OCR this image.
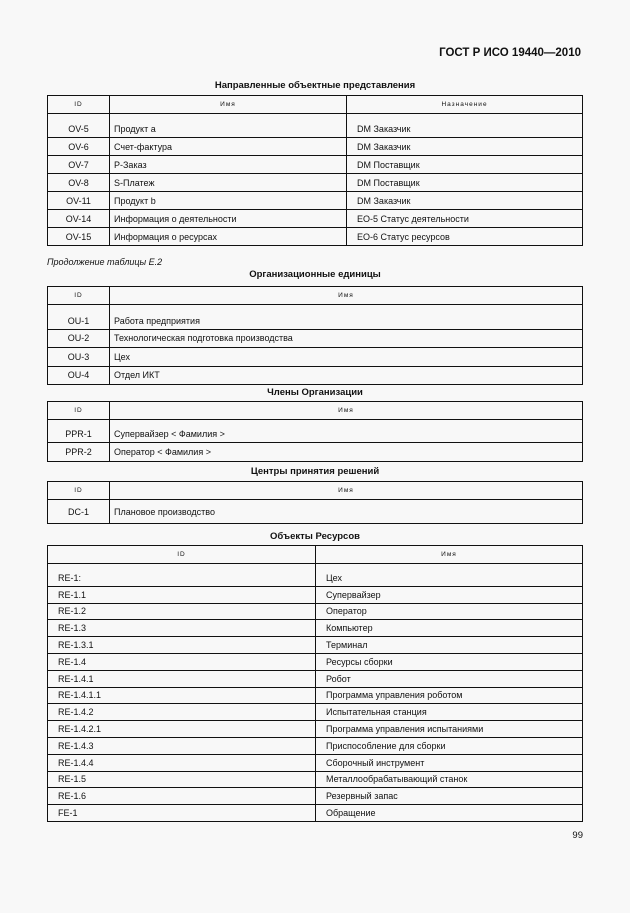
ГОСТ Р ИСО 19440—2010
Направленные объектные представления
ID	Имя	Назначение
OV-5	Продукт a	DM Заказчик
OV-6	Счет-фактура	DM Заказчик
OV-7	P-Заказ	DM Поставщик
OV-8	S-Платеж	DM Поставщик
OV-11	Продукт b	DM Заказчик
OV-14	Информация о деятельности	EO-5 Статус деятельности
OV-15	Информация о ресурсах	EO-6 Статус ресурсов
Продолжение таблицы Е.2
Организационные единицы
ID	Имя
OU-1	Работа предприятия
OU-2	Технологическая подготовка производства
OU-3	Цех
OU-4	Отдел ИКТ
Члены Организации
ID	Имя
PPR-1	Супервайзер < Фамилия >
PPR-2	Оператор < Фамилия >
Центры принятия решений
ID	Имя
DC-1	Плановое производство
Объекты Ресурсов
ID	Имя
RE-1:	Цех
RE-1.1	Супервайзер
RE-1.2	Оператор
RE-1.3	Компьютер
RE-1.3.1	Терминал
RE-1.4	Ресурсы сборки
RE-1.4.1	Робот
RE-1.4.1.1	Программа управления роботом
RE-1.4.2	Испытательная станция
RE-1.4.2.1	Программа управления испытаниями
RE-1.4.3	Приспособление для сборки
RE-1.4.4	Сборочный инструмент
RE-1.5	Металлообрабатывающий станок
RE-1.6	Резервный запас
FE-1	Обращение
99
